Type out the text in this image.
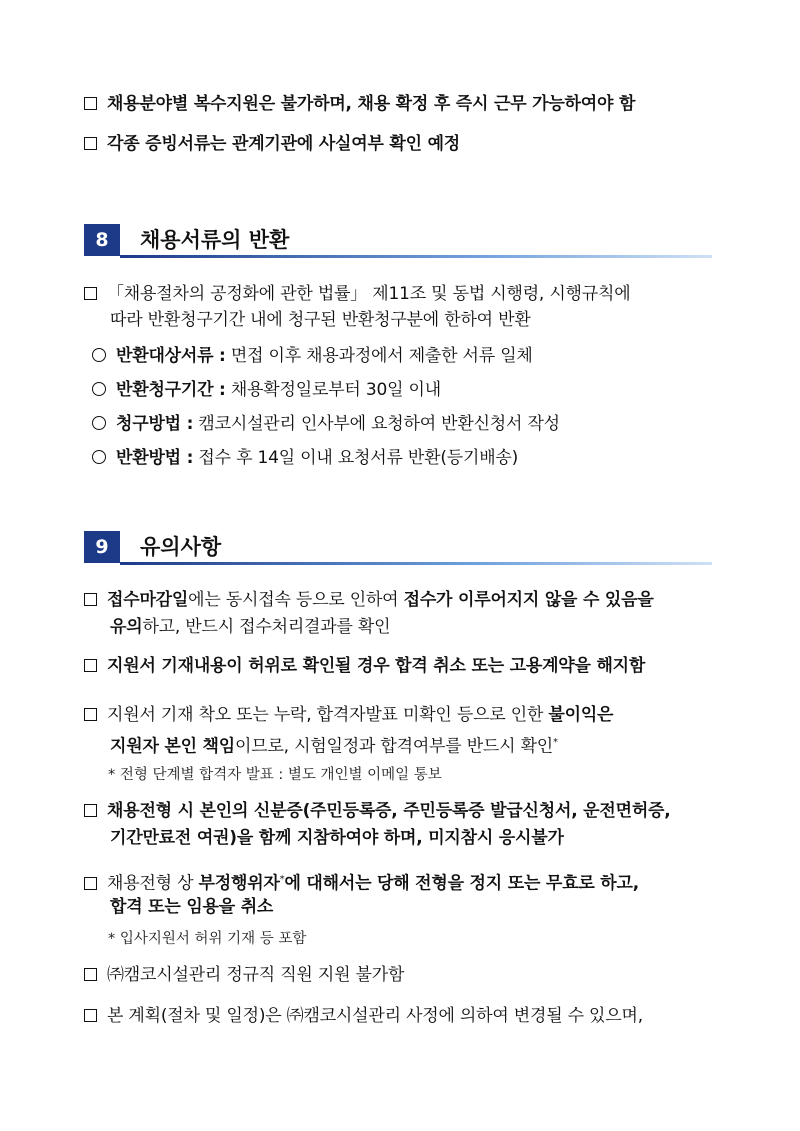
채용분야별 복수지원은 불가하며, 채용 확정 후 즉시 근무 가능하여야 함
각종 증빙서류는 관계기관에 사실여부 확인 예정
8	채용서류의 반환
「채용절차의 공정화에 관한 법률」 제11조 및 동법 시행령, 시행규칙에
따라 반환청구기간 내에 청구된 반환청구분에 한하여 반환
반환대상서류 : 면접 이후 채용과정에서 제출한 서류 일체
반환청구기간 : 채용확정일로부터 30일 이내
청구방법 : 캠코시설관리 인사부에 요청하여 반환신청서 작성
반환방법 : 접수 후 14일 이내 요청서류 반환(등기배송)
9	유의사항
접수마감일에는 동시접속 등으로 인하여 접수가 이루어지지 않을 수 있음을
유의하고, 반드시 접수처리결과를 확인
지원서 기재내용이 허위로 확인될 경우 합격 취소 또는 고용계약을 해지함
지원서 기재 착오 또는 누락, 합격자발표 미확인 등으로 인한 불이익은
지원자 본인 책임이므로, 시험일정과 합격여부를 반드시 확인*
* 전형 단계별 합격자 발표 : 별도 개인별 이메일 통보
채용전형 시 본인의 신분증(주민등록증, 주민등록증 발급신청서, 운전면허증,
기간만료전 여권)을 함께 지참하여야 하며, 미지참시 응시불가
채용전형 상 부정행위자*에 대해서는 당해 전형을 정지 또는 무효로 하고,
합격 또는 임용을 취소
* 입사지원서 허위 기재 등 포함
㈜캠코시설관리 정규직 직원 지원 불가함
본 계획(절차 및 일정)은 ㈜캠코시설관리 사정에 의하여 변경될 수 있으며,
